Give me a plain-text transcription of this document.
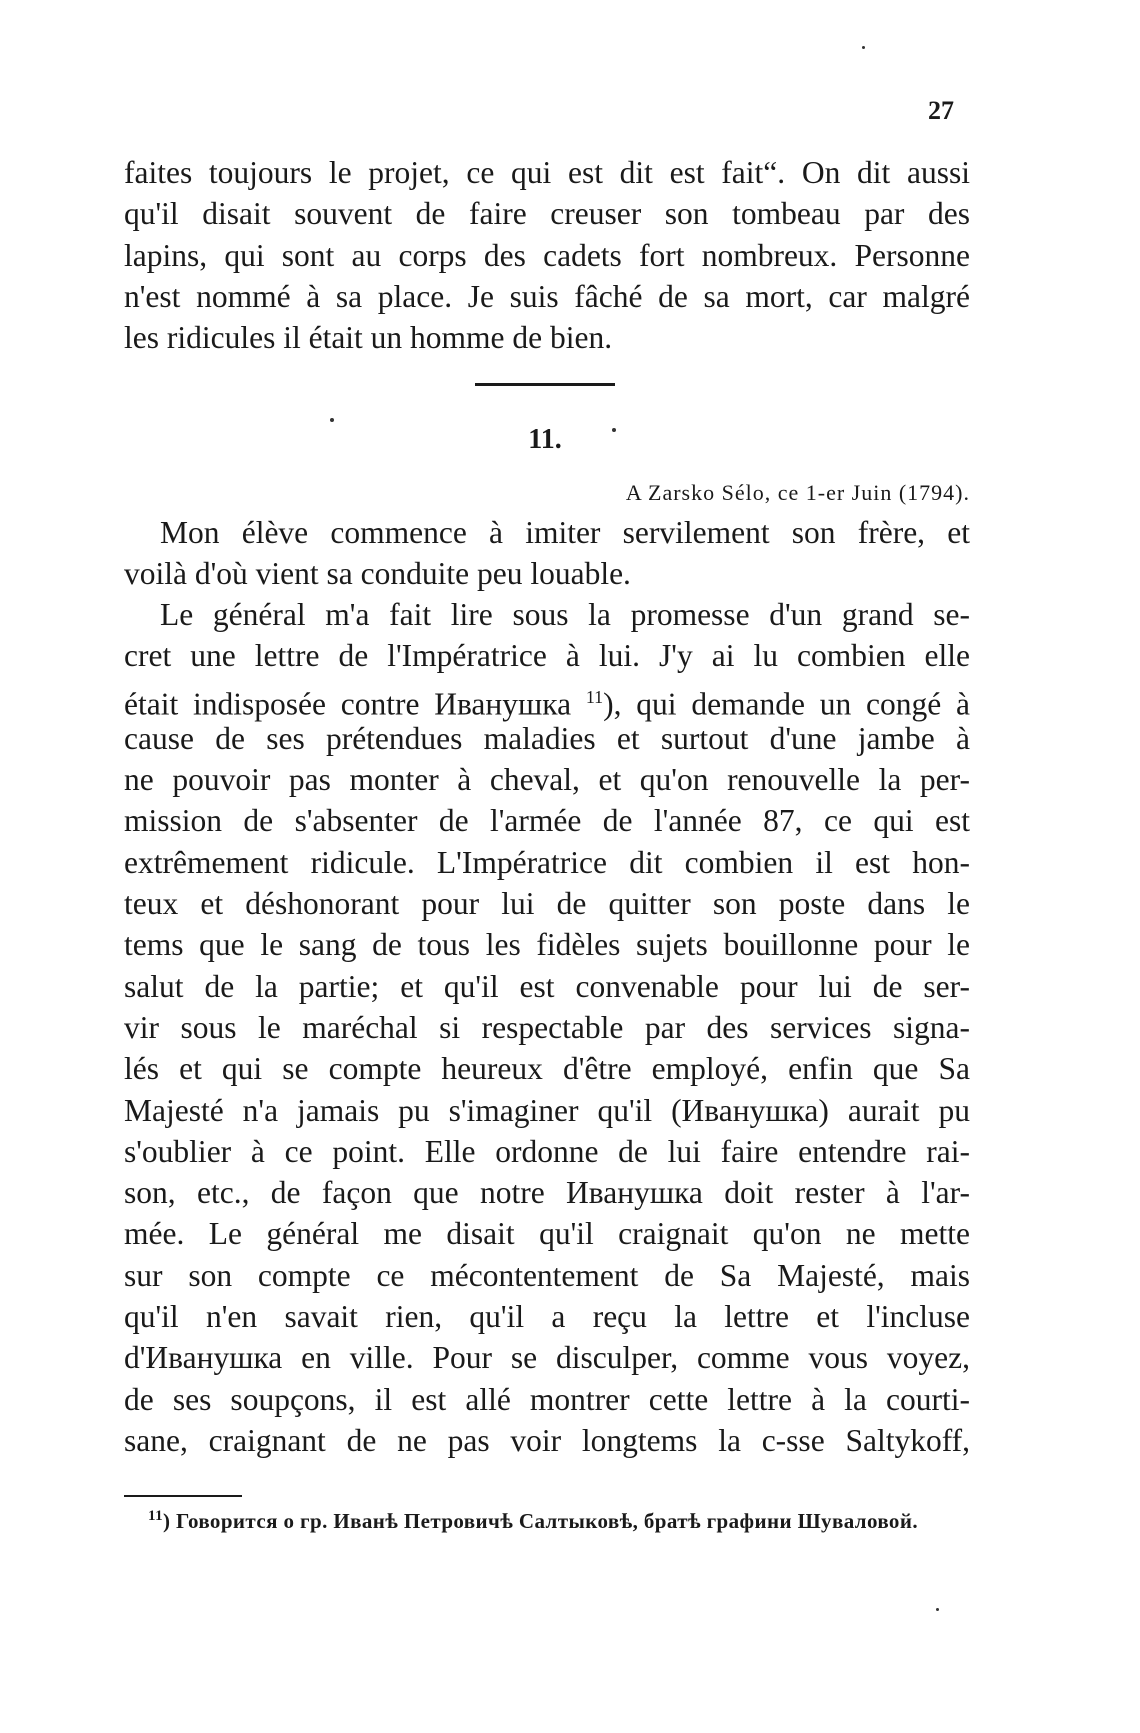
27
faites toujours le projet, ce qui est dit est fait“. On dit aussi
qu'il disait souvent de faire creuser son tombeau par des
lapins, qui sont au corps des cadets fort nombreux. Personne
n'est nommé à sa place. Je suis fâché de sa mort, car malgré
les ridicules il était un homme de bien.
11.
A Zarsko Sélo, ce 1-er Juin (1794).
Mon élève commence à imiter servilement son frère, et
voilà d'où vient sa conduite peu louable.
Le général m'a fait lire sous la promesse d'un grand se-
cret une lettre de l'Impératrice à lui. J'y ai lu combien elle
était indisposée contre Иванушка $^{11}$), qui demande un congé à
cause de ses prétendues maladies et surtout d'une jambe à
ne pouvoir pas monter à cheval, et qu'on renouvelle la per-
mission de s'absenter de l'armée de l'année 87, ce qui est
extrêmement ridicule. L'Impératrice dit combien il est hon-
teux et déshonorant pour lui de quitter son poste dans le
tems que le sang de tous les fidèles sujets bouillonne pour le
salut de la partie; et qu'il est convenable pour lui de ser-
vir sous le maréchal si respectable par des services signa-
lés et qui se compte heureux d'être employé, enfin que Sa
Majesté n'a jamais pu s'imaginer qu'il (Иванушка) aurait pu
s'oublier à ce point. Elle ordonne de lui faire entendre rai-
son, etc., de façon que notre Иванушка doit rester à l'ar-
mée. Le général me disait qu'il craignait qu'on ne mette
sur son compte ce mécontentement de Sa Majesté, mais
qu'il n'en savait rien, qu'il a reçu la lettre et l'incluse
d'Иванушка en ville. Pour se disculper, comme vous voyez,
de ses soupçons, il est allé montrer cette lettre à la courti-
sane, craignant de ne pas voir longtems la c-sse Saltykoff,
$^{11}$) Говорится о гр. Иванѣ Петровичѣ Салтыковѣ, братѣ графини Шуваловой.
